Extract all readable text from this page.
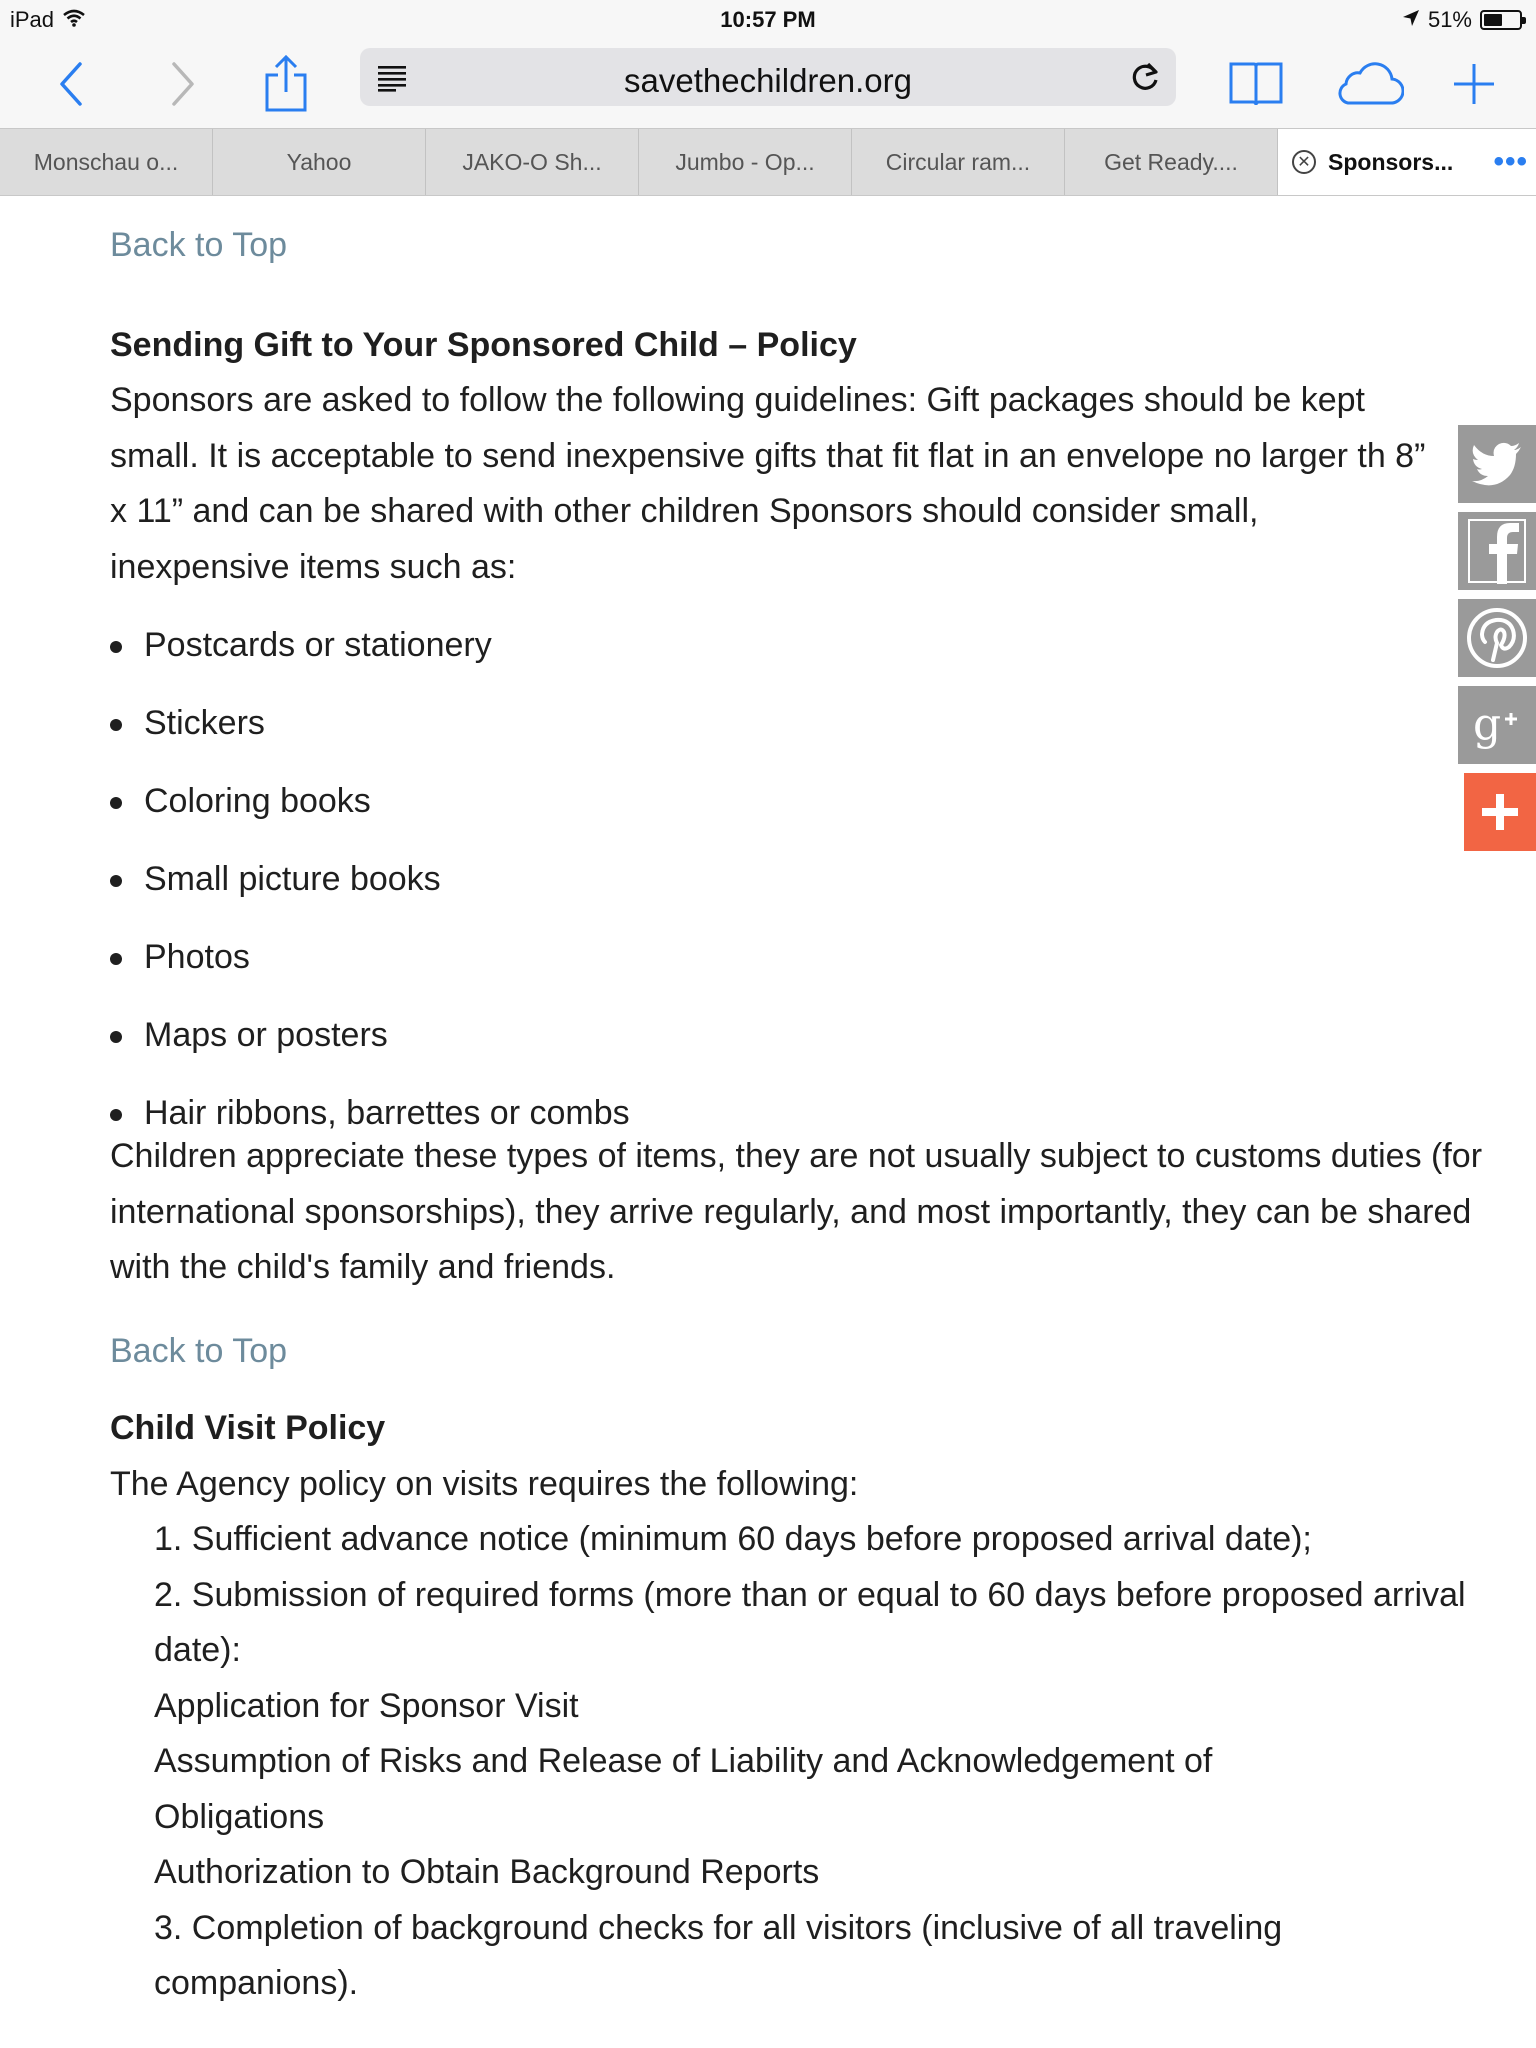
iPad	10:57 PM	51%
savethechildren.org
Monschau o...	Yahoo	JAKO-O Sh...	Jumbo - Op...	Circular ram...	Get Ready....	✕ Sponsors... •••
Back to Top
Sending Gift to Your Sponsored Child – Policy

Sponsors are asked to follow the following guidelines: Gift packages should be kept small. It is acceptable to send inexpensive gifts that fit flat in an envelope no larger th 8” x 11” and can be shared with other children Sponsors should consider small, inexpensive items such as:

Postcards or stationery
Stickers
Coloring books
Small picture books
Photos
Maps or posters
Hair ribbons, barrettes or combs

Children appreciate these types of items, they are not usually subject to customs duties (for international sponsorships), they arrive regularly, and most importantly, they can be shared with the child's family and friends.

Back to Top
Child Visit Policy

The Agency policy on visits requires the following:

1. Sufficient advance notice (minimum 60 days before proposed arrival date);
2. Submission of required forms (more than or equal to 60 days before proposed arrival date):
Application for Sponsor Visit
Assumption of Risks and Release of Liability and Acknowledgement of Obligations
Authorization to Obtain Background Reports
3. Completion of background checks for all visitors (inclusive of all traveling companions).
g
